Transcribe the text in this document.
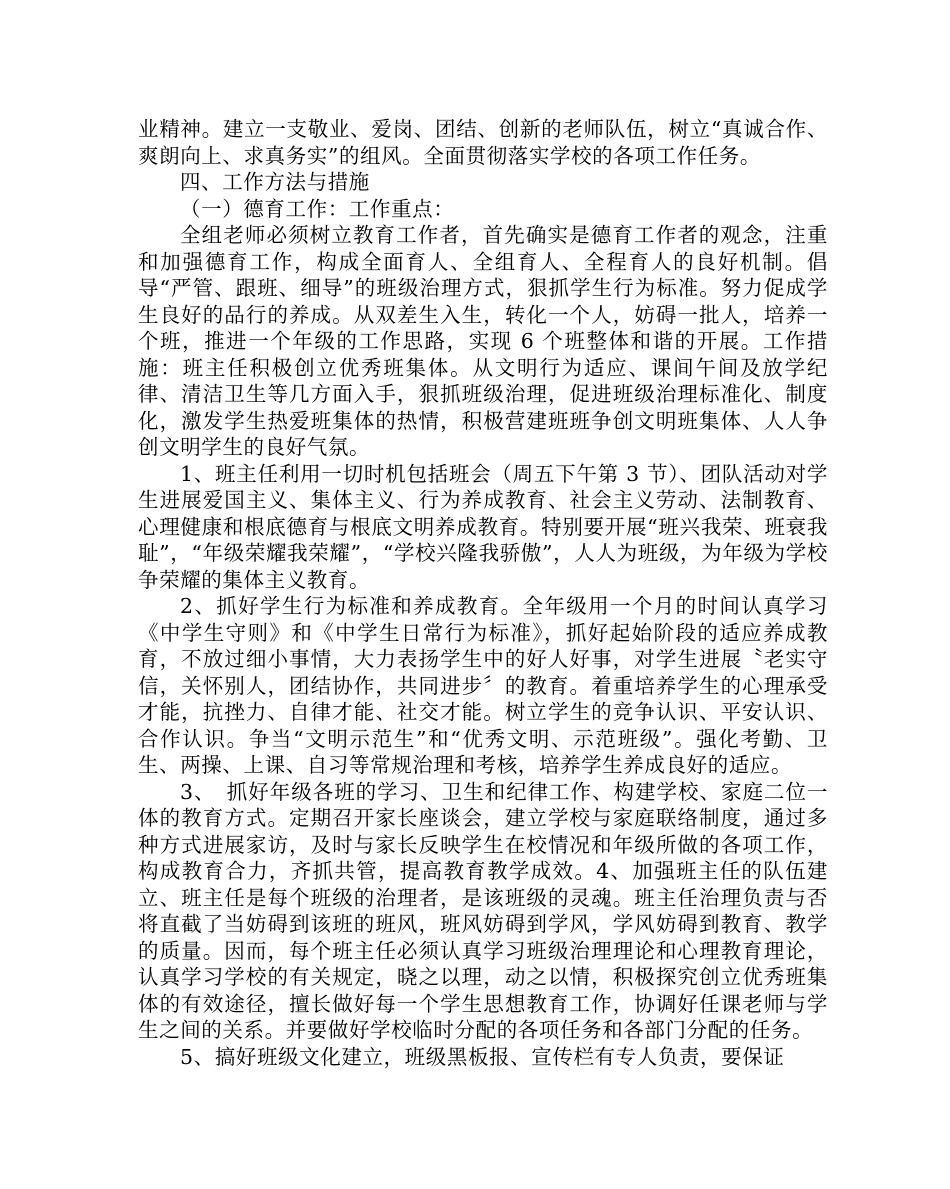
业精神。建立一支敬业、爱岗、团结、创新的老师队伍，树立“真诚合作、爽朗向上、求真务实”的组风。全面贯彻落实学校的各项工作任务。

四、工作方法与措施

（一）德育工作：工作重点：

全组老师必须树立教育工作者，首先确实是德育工作者的观念，注重和加强德育工作，构成全面育人、全组育人、全程育人的良好机制。倡导“严管、跟班、细导”的班级治理方式，狠抓学生行为标准。努力促成学生良好的品行的养成。从双差生入生，转化一个人，妨碍一批人，培养一个班，推进一个年级的工作思路，实现 6 个班整体和谐的开展。工作措施：班主任积极创立优秀班集体。从文明行为适应、课间午间及放学纪律、清洁卫生等几方面入手，狠抓班级治理，促进班级治理标准化、制度化，激发学生热爱班集体的热情，积极营建班班争创文明班集体、人人争创文明学生的良好气氛。

1、班主任利用一切时机包括班会（周五下午第 3 节）、团队活动对学生进展爱国主义、集体主义、行为养成教育、社会主义劳动、法制教育、心理健康和根底德育与根底文明养成教育。特别要开展“班兴我荣、班衰我耻”，“年级荣耀我荣耀”，“学校兴隆我骄傲”，人人为班级，为年级为学校争荣耀的集体主义教育。

2、抓好学生行为标准和养成教育。全年级用一个月的时间认真学习《中学生守则》和《中学生日常行为标准》，抓好起始阶段的适应养成教育，不放过细小事情，大力表扬学生中的好人好事，对学生进展〝老实守信，关怀别人，团结协作，共同进步〞的教育。着重培养学生的心理承受才能，抗挫力、自律才能、社交才能。树立学生的竞争认识、平安认识、合作认识。争当“文明示范生”和“优秀文明、示范班级”。强化考勤、卫生、两操、上课、自习等常规治理和考核，培养学生养成良好的适应。

3、　抓好年级各班的学习、卫生和纪律工作、构建学校、家庭二位一体的教育方式。定期召开家长座谈会，建立学校与家庭联络制度，通过多种方式进展家访，及时与家长反映学生在校情况和年级所做的各项工作，构成教育合力，齐抓共管，提高教育教学成效。4、加强班主任的队伍建立、班主任是每个班级的治理者，是该班级的灵魂。班主任治理负责与否将直截了当妨碍到该班的班风，班风妨碍到学风，学风妨碍到教育、教学的质量。因而，每个班主任必须认真学习班级治理理论和心理教育理论，认真学习学校的有关规定，晓之以理，动之以情，积极探究创立优秀班集体的有效途径，擅长做好每一个学生思想教育工作，协调好任课老师与学生之间的关系。并要做好学校临时分配的各项任务和各部门分配的任务。

5、搞好班级文化建立，班级黑板报、宣传栏有专人负责，要保证
